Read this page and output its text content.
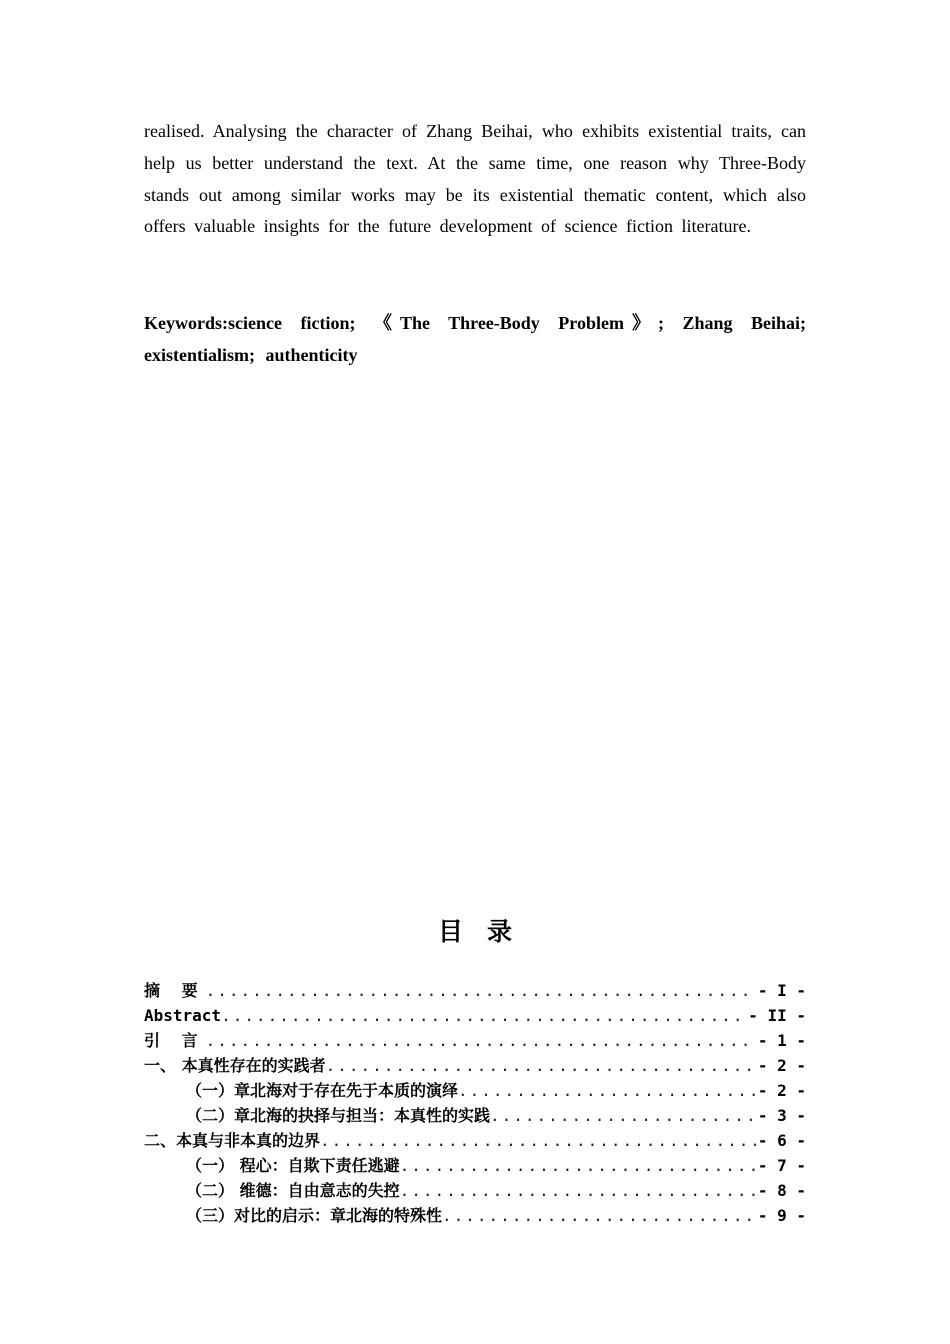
realised. Analysing the character of Zhang Beihai, who exhibits existential traits, can help us better understand the text. At the same time, one reason why Three-Body stands out among similar works may be its existential thematic content, which also offers valuable insights for the future development of science fiction literature.

Keywords:science fiction; 《The Three-Body Problem》; Zhang Beihai; existentialism; authenticity
目录
摘 要 .....	- I -
Abstract .....	- II -
引 言 .....	- 1 -
一、 本真性存在的实践者 .....	- 2 -
（一）章北海对于存在先于本质的演绎 .....	- 2 -
（二）章北海的抉择与担当：本真性的实践 .....	- 3 -
二、本真与非本真的边界 .....	- 6 -
（一） 程心：自欺下责任逃避 .....	- 7 -
（二） 维德：自由意志的失控 .....	- 8 -
（三）对比的启示：章北海的特殊性 .....	- 9 -
